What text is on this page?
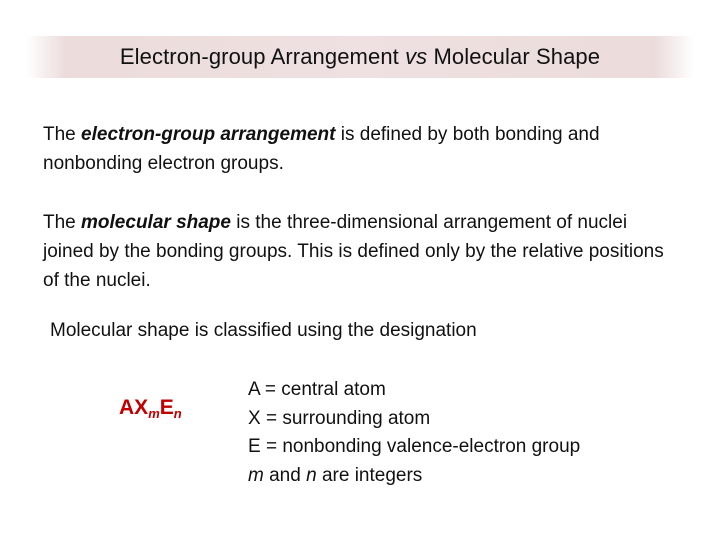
Electron-group Arrangement vs Molecular Shape
The electron-group arrangement is defined by both bonding and nonbonding electron groups.
The molecular shape is the three-dimensional arrangement of nuclei joined by the bonding groups. This is defined only by the relative positions of the nuclei.
Molecular shape is classified using the designation
$AX_mE_n$
A = central atom
X = surrounding atom
E = nonbonding valence-electron group
m and n are integers
